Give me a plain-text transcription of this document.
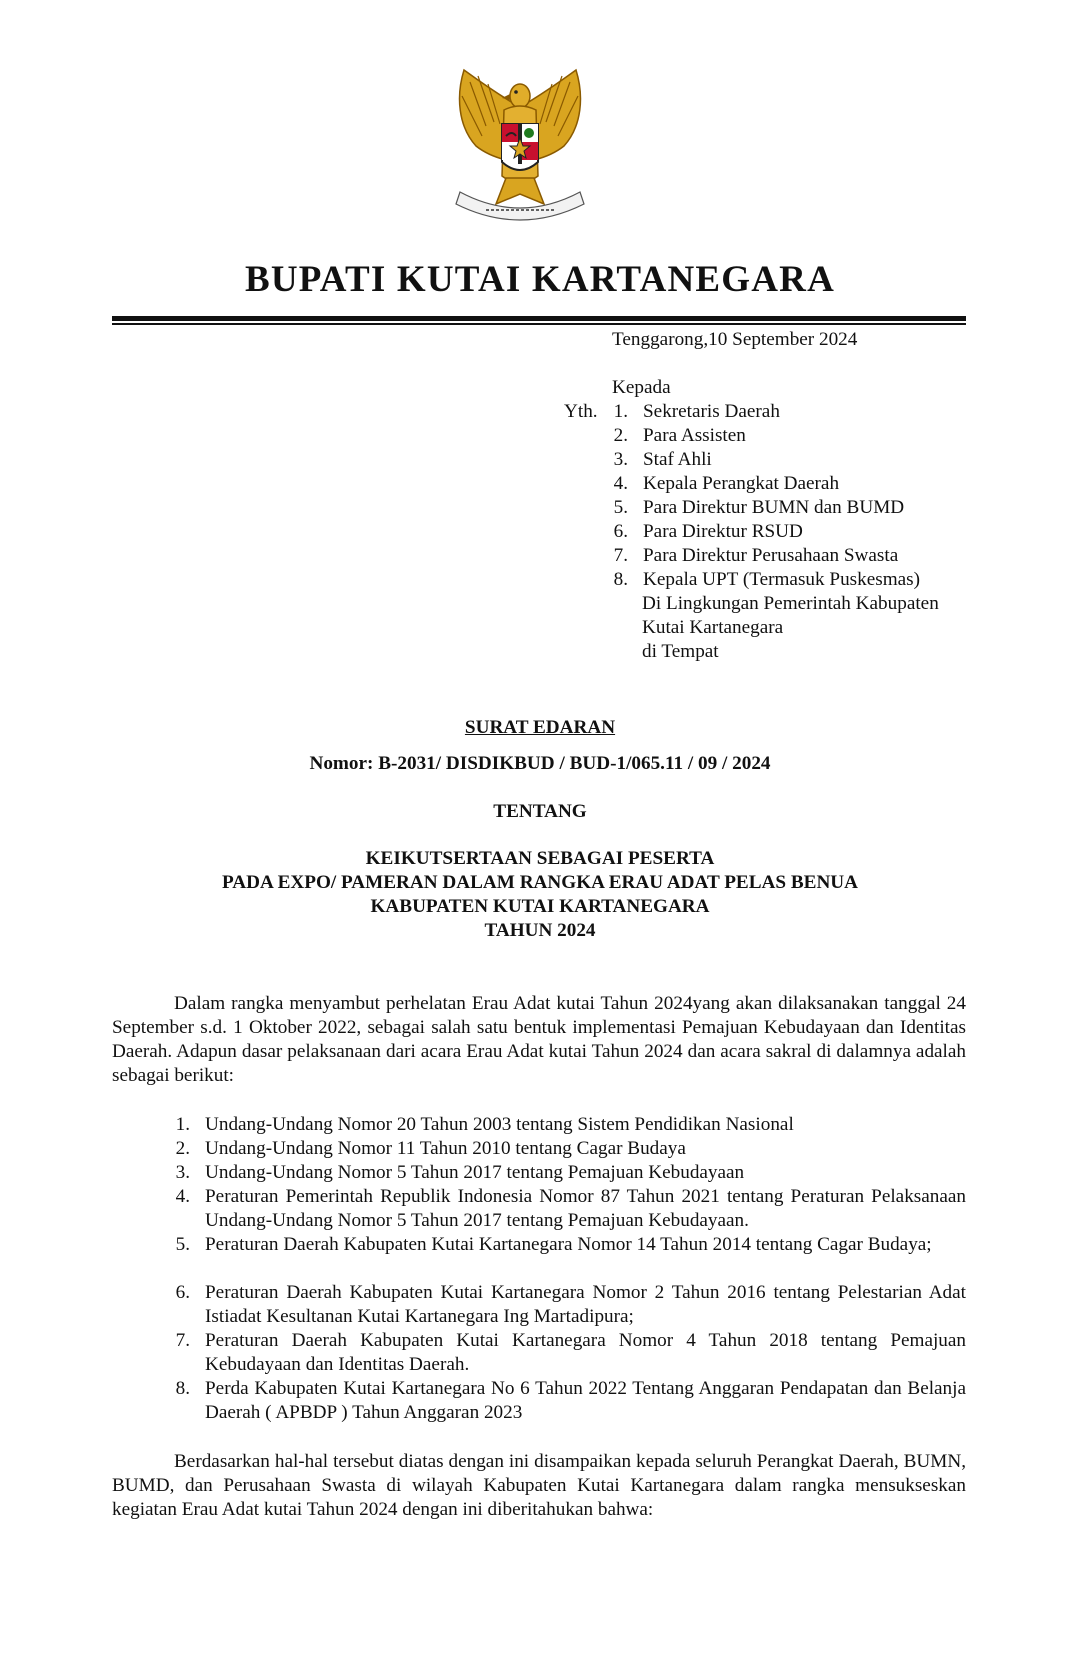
BUPATI KUTAI KARTANEGARA
Tenggarong,10 September 2024
Kepada
Yth. 1. Sekretaris Daerah
2. Para Assisten
3. Staf Ahli
4. Kepala Perangkat Daerah
5. Para Direktur BUMN dan BUMD
6. Para Direktur RSUD
7. Para Direktur Perusahaan Swasta
8. Kepala UPT (Termasuk Puskesmas)
Di Lingkungan Pemerintah Kabupaten
Kutai Kartanegara
di Tempat
SURAT EDARAN
Nomor: B-2031/ DISDIKBUD / BUD-1/065.11 / 09 / 2024
TENTANG
KEIKUTSERTAAN SEBAGAI PESERTA
PADA EXPO/ PAMERAN DALAM RANGKA ERAU ADAT PELAS BENUA
KABUPATEN KUTAI KARTANEGARA
TAHUN 2024
Dalam rangka menyambut perhelatan Erau Adat kutai Tahun 2024yang akan dilaksanakan tanggal 24 September s.d. 1 Oktober 2022, sebagai salah satu bentuk implementasi Pemajuan Kebudayaan dan Identitas Daerah. Adapun dasar pelaksanaan dari acara Erau Adat kutai Tahun 2024 dan acara sakral di dalamnya adalah sebagai berikut:
1. Undang-Undang Nomor 20 Tahun 2003 tentang Sistem Pendidikan Nasional
2. Undang-Undang Nomor 11 Tahun 2010 tentang Cagar Budaya
3. Undang-Undang Nomor 5 Tahun 2017 tentang Pemajuan Kebudayaan
4. Peraturan Pemerintah Republik Indonesia Nomor 87 Tahun 2021 tentang Peraturan Pelaksanaan Undang-Undang Nomor 5 Tahun 2017 tentang Pemajuan Kebudayaan.
5. Peraturan Daerah Kabupaten Kutai Kartanegara Nomor 14 Tahun 2014 tentang Cagar Budaya;
6. Peraturan Daerah Kabupaten Kutai Kartanegara Nomor 2 Tahun 2016 tentang Pelestarian Adat Istiadat Kesultanan Kutai Kartanegara Ing Martadipura;
7. Peraturan Daerah Kabupaten Kutai Kartanegara Nomor 4 Tahun 2018 tentang Pemajuan Kebudayaan dan Identitas Daerah.
8. Perda Kabupaten Kutai Kartanegara No 6 Tahun 2022 Tentang Anggaran Pendapatan dan Belanja Daerah ( APBDP ) Tahun Anggaran 2023
Berdasarkan hal-hal tersebut diatas dengan ini disampaikan kepada seluruh Perangkat Daerah, BUMN, BUMD, dan Perusahaan Swasta di wilayah Kabupaten Kutai Kartanegara dalam rangka mensukseskan kegiatan Erau Adat kutai Tahun 2024 dengan ini diberitahukan bahwa:
